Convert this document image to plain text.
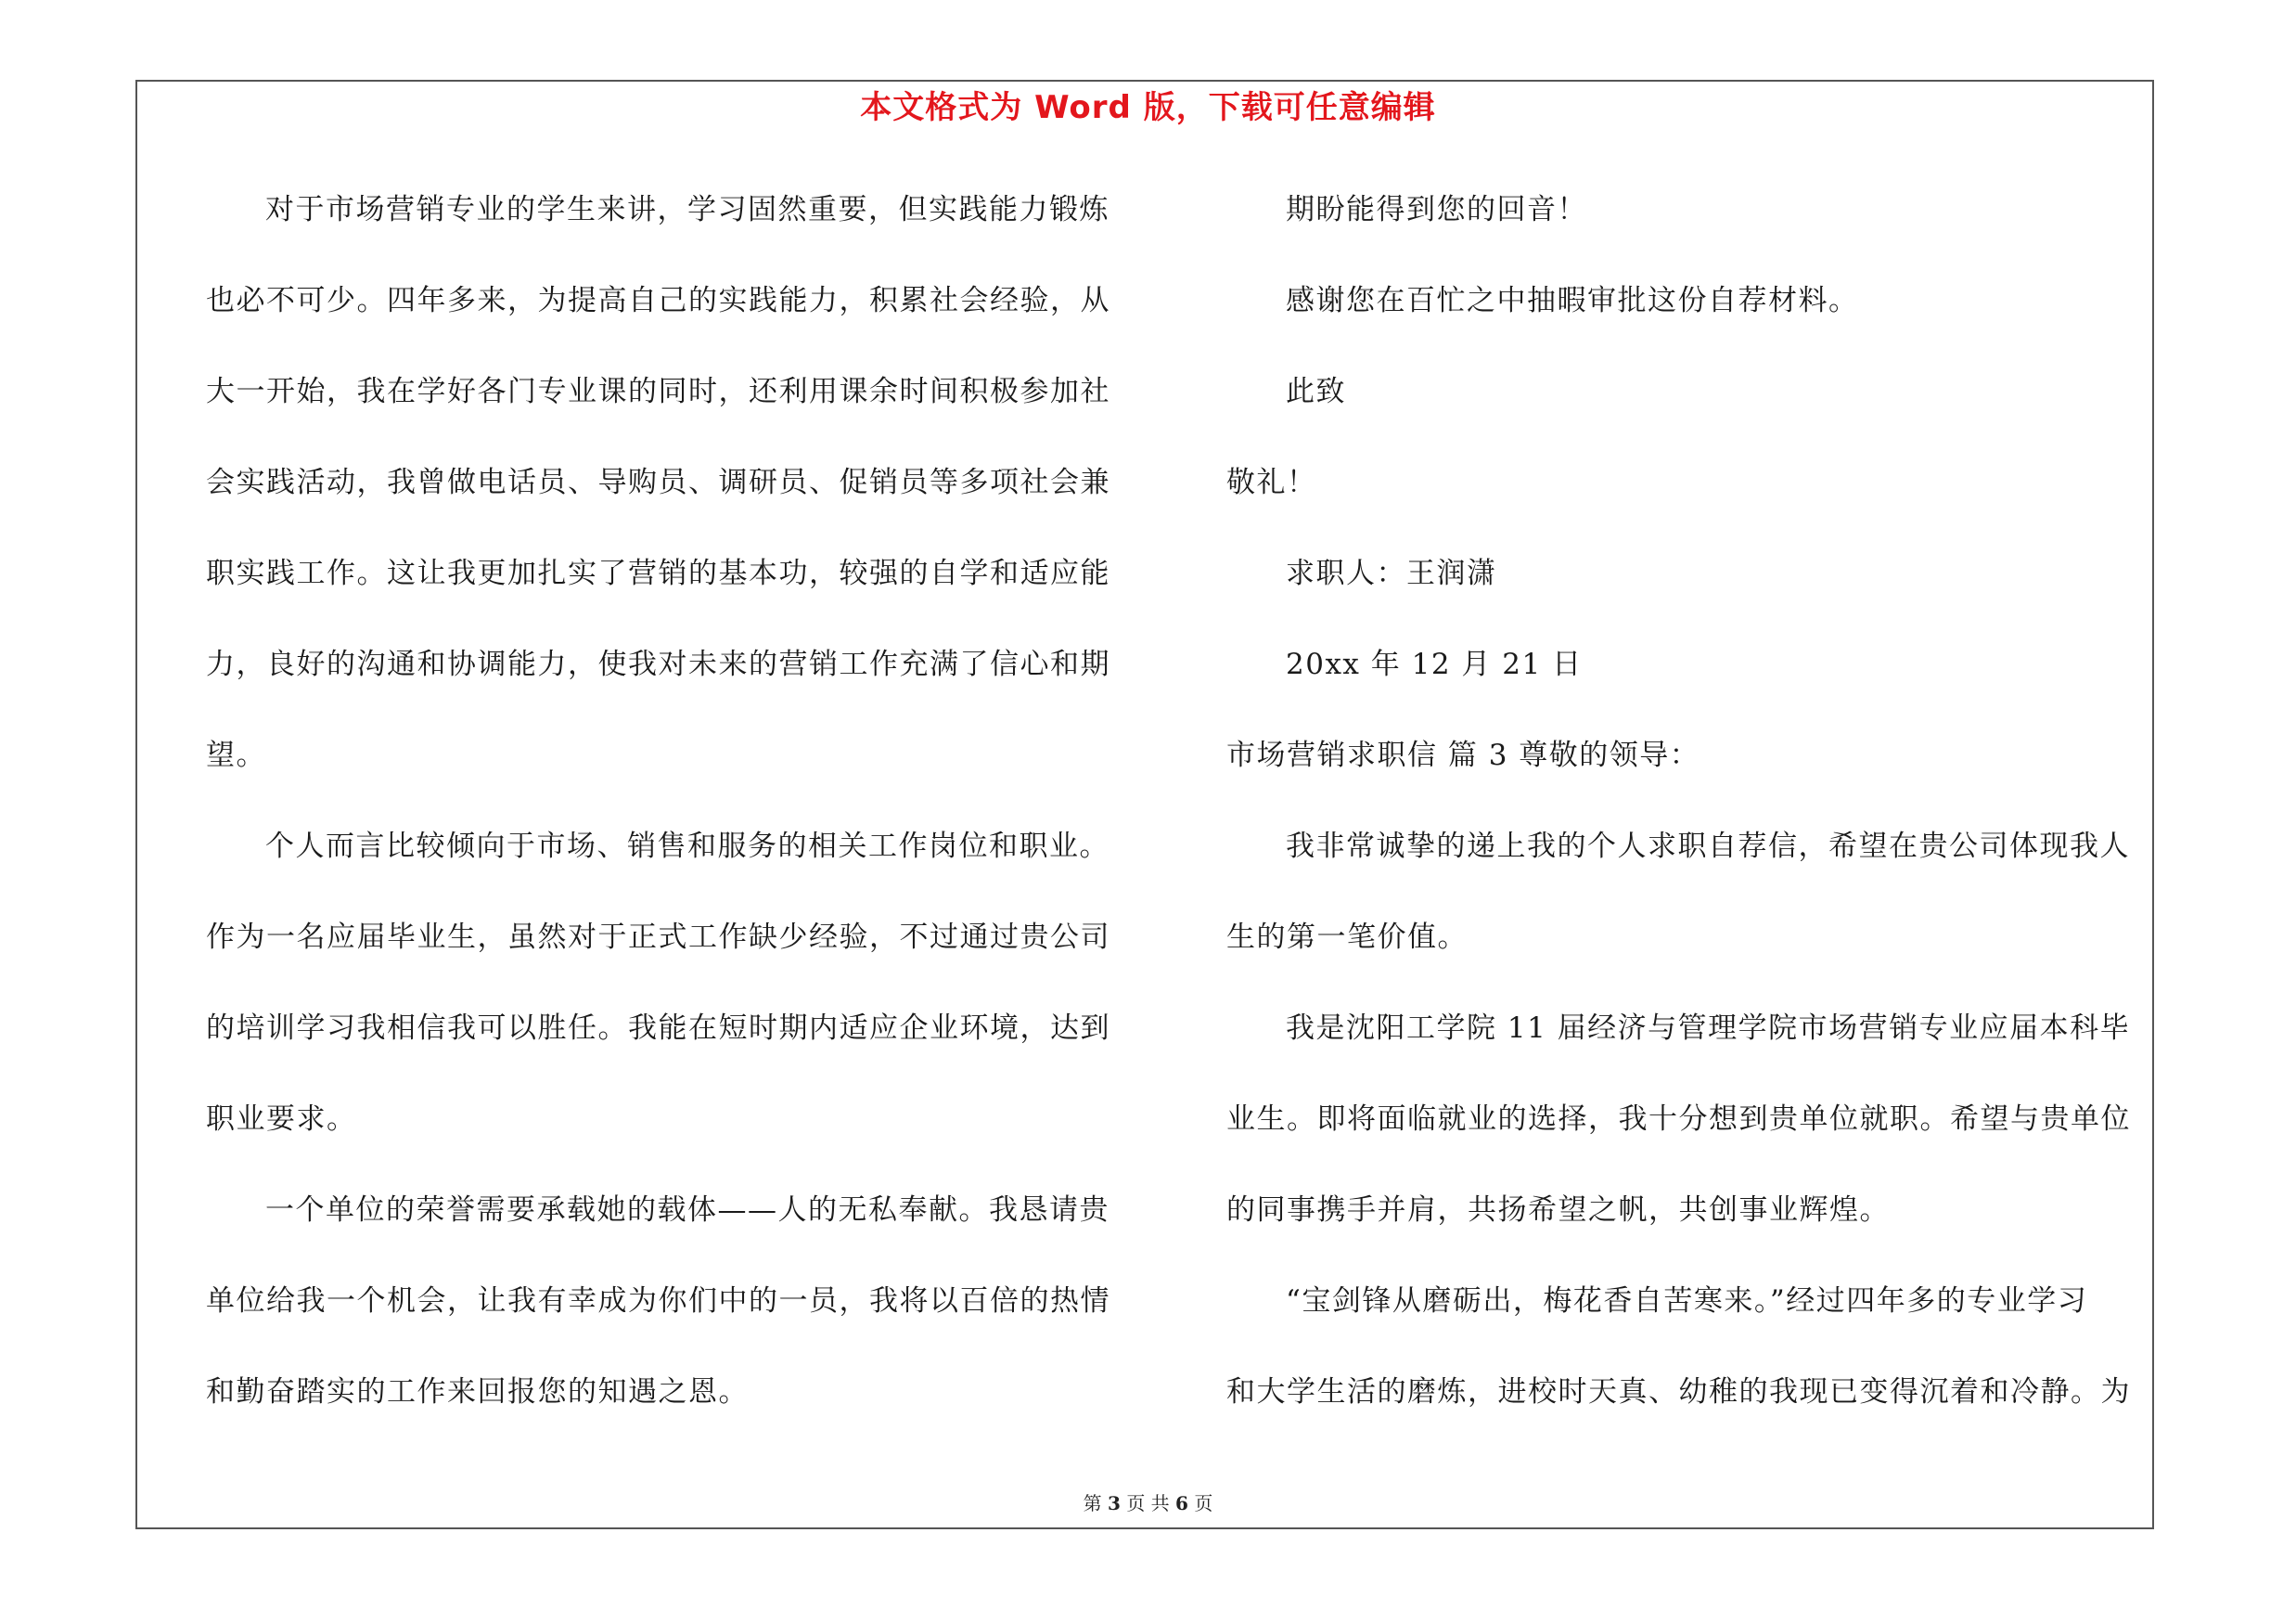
本文格式为 Word 版，下载可任意编辑
对于市场营销专业的学生来讲，学习固然重要，但实践能力锻炼
也必不可少。四年多来，为提高自己的实践能力，积累社会经验，从
大一开始，我在学好各门专业课的同时，还利用课余时间积极参加社
会实践活动，我曾做电话员、导购员、调研员、促销员等多项社会兼
职实践工作。这让我更加扎实了营销的基本功，较强的自学和适应能
力，良好的沟通和协调能力，使我对未来的营销工作充满了信心和期
望。
个人而言比较倾向于市场、销售和服务的相关工作岗位和职业。
作为一名应届毕业生，虽然对于正式工作缺少经验，不过通过贵公司
的培训学习我相信我可以胜任。我能在短时期内适应企业环境，达到
职业要求。
一个单位的荣誉需要承载她的载体——人的无私奉献。我恳请贵
单位给我一个机会，让我有幸成为你们中的一员，我将以百倍的热情
和勤奋踏实的工作来回报您的知遇之恩。
期盼能得到您的回音！
感谢您在百忙之中抽暇审批这份自荐材料。
此致
敬礼！
求职人：王润潇
20xx 年 12 月 21 日
市场营销求职信 篇 3 尊敬的领导：
我非常诚挚的递上我的个人求职自荐信，希望在贵公司体现我人
生的第一笔价值。
我是沈阳工学院 11 届经济与管理学院市场营销专业应届本科毕
业生。即将面临就业的选择，我十分想到贵单位就职。希望与贵单位
的同事携手并肩，共扬希望之帆，共创事业辉煌。
“宝剑锋从磨砺出，梅花香自苦寒来。”经过四年多的专业学习
和大学生活的磨炼，进校时天真、幼稚的我现已变得沉着和冷静。为
第 3 页 共 6 页
